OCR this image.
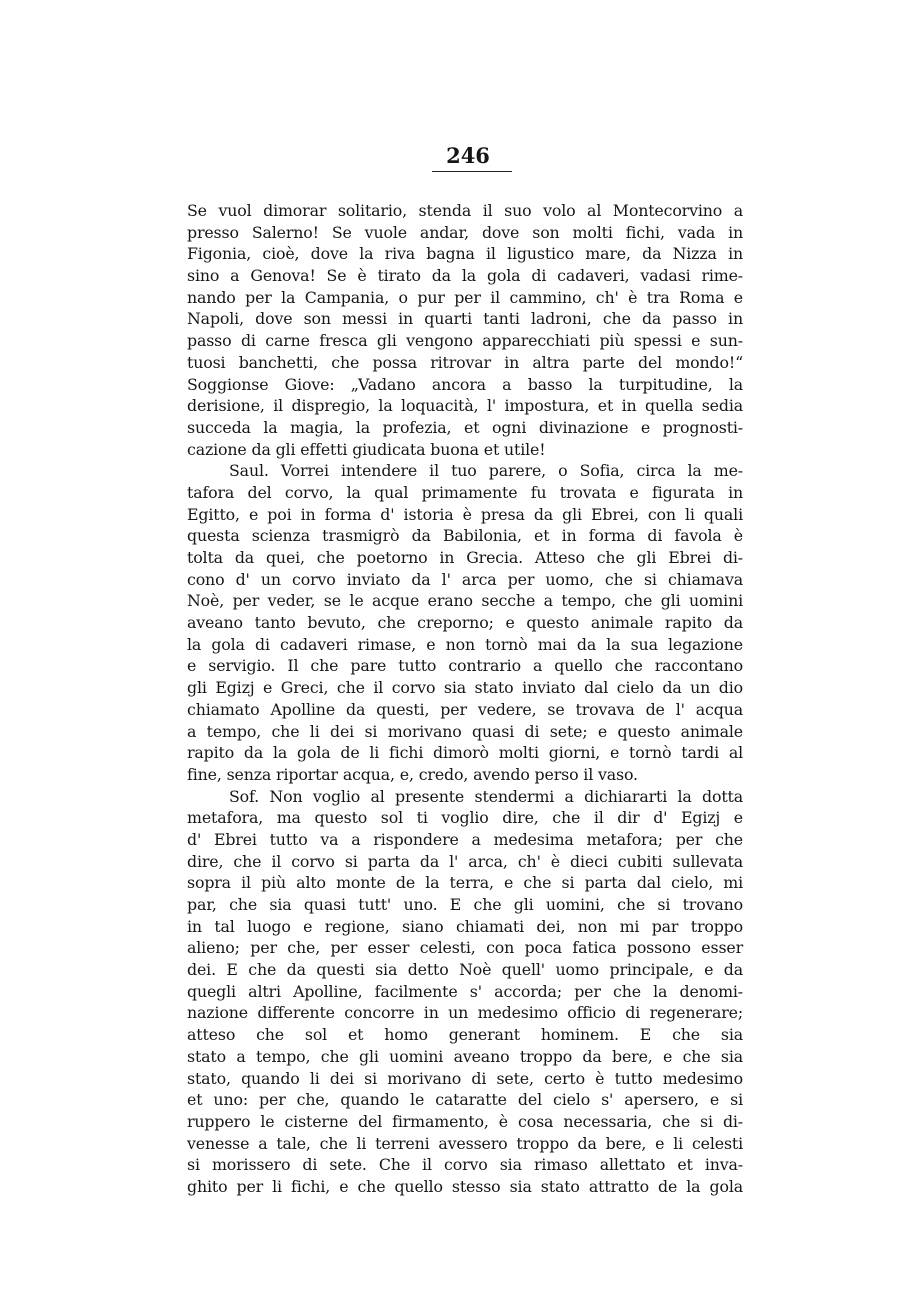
246
Se vuol dimorar solitario, stenda il suo volo al Montecorvino a
presso Salerno! Se vuole andar, dove son molti fichi, vada in
Figonia, cioè, dove la riva bagna il ligustico mare, da Nizza in
sino a Genova! Se è tirato da la gola di cadaveri, vadasi rime-
nando per la Campania, o pur per il cammino, ch' è tra Roma e
Napoli, dove son messi in quarti tanti ladroni, che da passo in
passo di carne fresca gli vengono apparecchiati più spessi e sun-
tuosi banchetti, che possa ritrovar in altra parte del mondo!“
Soggionse Giove: „Vadano ancora a basso la turpitudine, la
derisione, il dispregio, la loquacità, l' impostura, et in quella sedia
succeda la magia, la profezia, et ogni divinazione e prognosti-
cazione da gli effetti giudicata buona et utile!
Saul. Vorrei intendere il tuo parere, o Sofia, circa la me-
tafora del corvo, la qual primamente fu trovata e figurata in
Egitto, e poi in forma d' istoria è presa da gli Ebrei, con li quali
questa scienza trasmigrò da Babilonia, et in forma di favola è
tolta da quei, che poetorno in Grecia. Atteso che gli Ebrei di-
cono d' un corvo inviato da l' arca per uomo, che si chiamava
Noè, per veder, se le acque erano secche a tempo, che gli uomini
aveano tanto bevuto, che creporno; e questo animale rapito da
la gola di cadaveri rimase, e non tornò mai da la sua legazione
e servigio. Il che pare tutto contrario a quello che raccontano
gli Egizj e Greci, che il corvo sia stato inviato dal cielo da un dio
chiamato Apolline da questi, per vedere, se trovava de l' acqua
a tempo, che li dei si morivano quasi di sete; e questo animale
rapito da la gola de li fichi dimorò molti giorni, e tornò tardi al
fine, senza riportar acqua, e, credo, avendo perso il vaso.
Sof. Non voglio al presente stendermi a dichiararti la dotta
metafora, ma questo sol ti voglio dire, che il dir d' Egizj e
d' Ebrei tutto va a rispondere a medesima metafora; per che
dire, che il corvo si parta da l' arca, ch' è dieci cubiti sullevata
sopra il più alto monte de la terra, e che si parta dal cielo, mi
par, che sia quasi tutt' uno. E che gli uomini, che si trovano
in tal luogo e regione, siano chiamati dei, non mi par troppo
alieno; per che, per esser celesti, con poca fatica possono esser
dei. E che da questi sia detto Noè quell' uomo principale, e da
quegli altri Apolline, facilmente s' accorda; per che la denomi-
nazione differente concorre in un medesimo officio di regenerare;
atteso che sol et homo generant hominem. E che sia
stato a tempo, che gli uomini aveano troppo da bere, e che sia
stato, quando li dei si morivano di sete, certo è tutto medesimo
et uno: per che, quando le cataratte del cielo s' apersero, e si
ruppero le cisterne del firmamento, è cosa necessaria, che si di-
venesse a tale, che li terreni avessero troppo da bere, e li celesti
si morissero di sete. Che il corvo sia rimaso allettato et inva-
ghito per li fichi, e che quello stesso sia stato attratto de la gola
